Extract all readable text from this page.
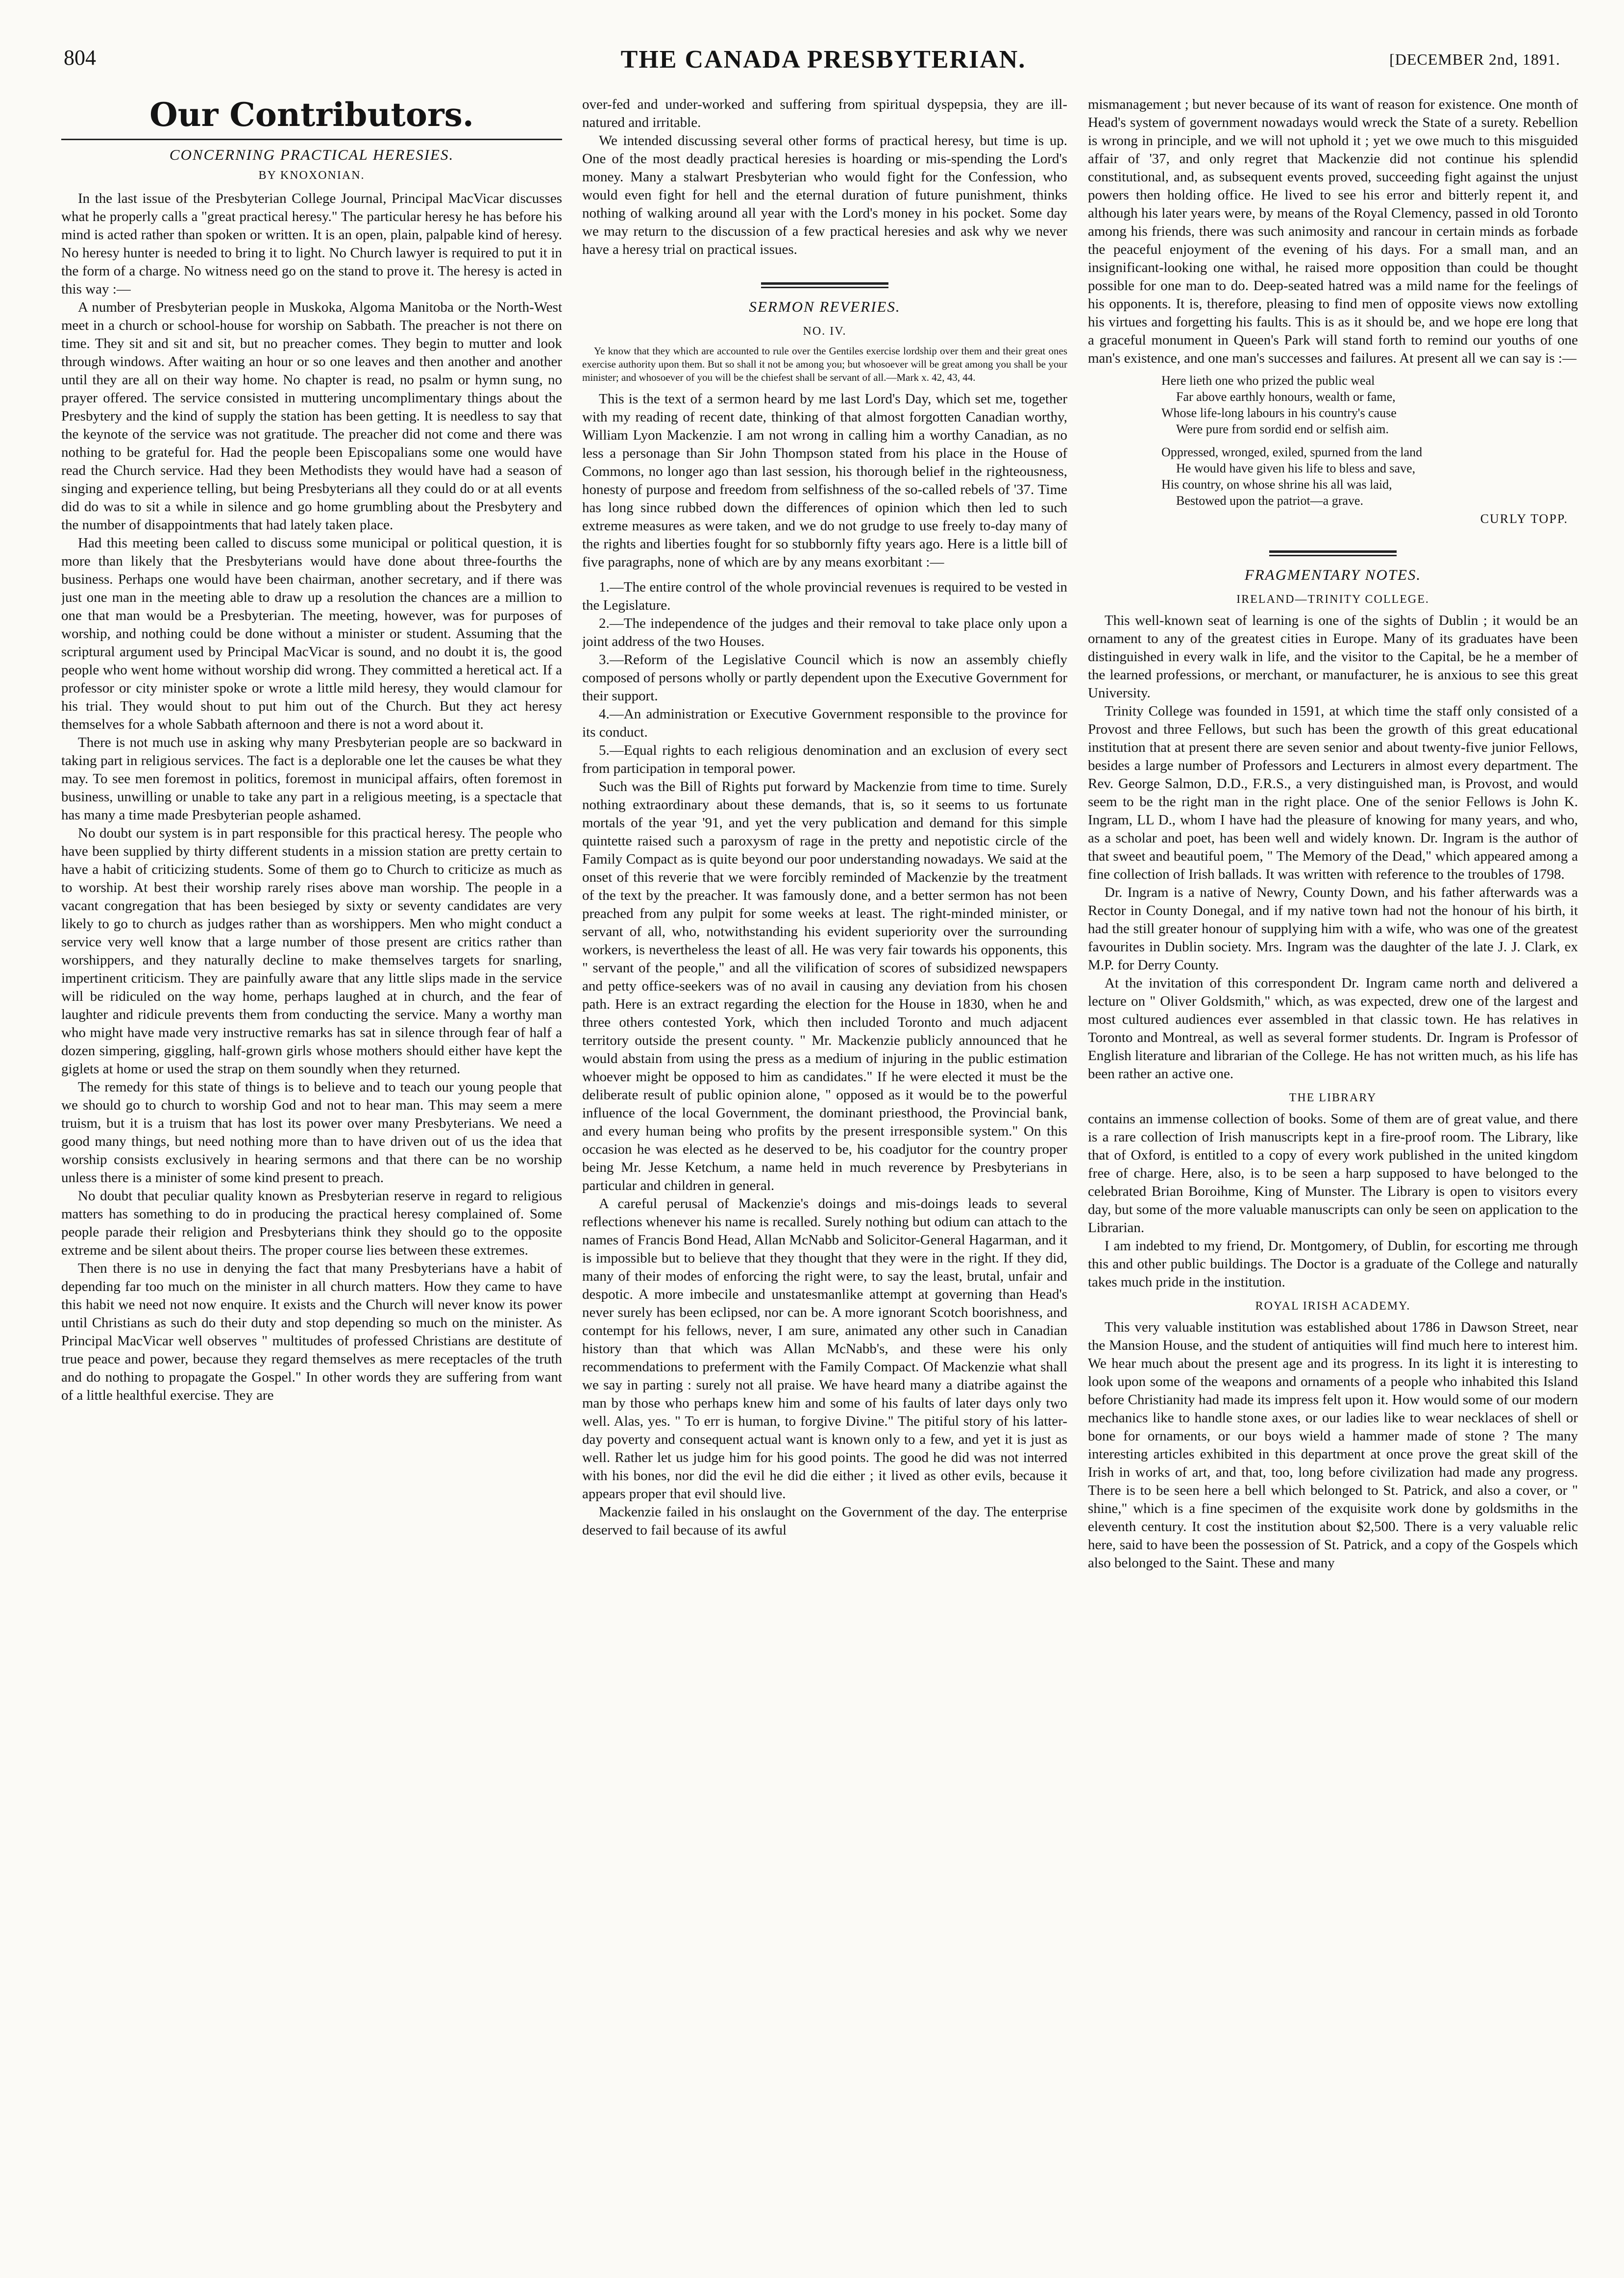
804	THE CANADA PRESBYTERIAN.	[DECEMBER 2nd, 1891.
Our Contributors.
CONCERNING PRACTICAL HERESIES.
BY KNOXONIAN.

In the last issue of the Presbyterian College Journal, Principal MacVicar discusses what he properly calls a "great practical heresy." The particular heresy he has before his mind is acted rather than spoken or written. It is an open, plain, palpable kind of heresy. No heresy hunter is needed to bring it to light. No Church lawyer is required to put it in the form of a charge. No witness need go on the stand to prove it. The heresy is acted in this way :—

A number of Presbyterian people in Muskoka, Algoma Manitoba or the North-West meet in a church or school-house for worship on Sabbath. The preacher is not there on time. They sit and sit and sit, but no preacher comes. They begin to mutter and look through windows. After waiting an hour or so one leaves and then another and another until they are all on their way home. No chapter is read, no psalm or hymn sung, no prayer offered. The service consisted in muttering uncomplimentary things about the Presbytery and the kind of supply the station has been getting. It is needless to say that the keynote of the service was not gratitude. The preacher did not come and there was nothing to be grateful for. Had the people been Episcopalians some one would have read the Church service. Had they been Methodists they would have had a season of singing and experience telling, but being Presbyterians all they could do or at all events did do was to sit a while in silence and go home grumbling about the Presbytery and the number of disappointments that had lately taken place.

Had this meeting been called to discuss some municipal or political question, it is more than likely that the Presbyterians would have done about three-fourths the business. Perhaps one would have been chairman, another secretary, and if there was just one man in the meeting able to draw up a resolution the chances are a million to one that man would be a Presbyterian. The meeting, however, was for purposes of worship, and nothing could be done without a minister or student. Assuming that the scriptural argument used by Principal MacVicar is sound, and no doubt it is, the good people who went home without worship did wrong. They committed a heretical act. If a professor or city minister spoke or wrote a little mild heresy, they would clamour for his trial. They would shout to put him out of the Church. But they act heresy themselves for a whole Sabbath afternoon and there is not a word about it.

There is not much use in asking why many Presbyterian people are so backward in taking part in religious services. The fact is a deplorable one let the causes be what they may. To see men foremost in politics, foremost in municipal affairs, often foremost in business, unwilling or unable to take any part in a religious meeting, is a spectacle that has many a time made Presbyterian people ashamed.

No doubt our system is in part responsible for this practical heresy. The people who have been supplied by thirty different students in a mission station are pretty certain to have a habit of criticizing students. Some of them go to Church to criticize as much as to worship. At best their worship rarely rises above man worship. The people in a vacant congregation that has been besieged by sixty or seventy candidates are very likely to go to church as judges rather than as worshippers. Men who might conduct a service very well know that a large number of those present are critics rather than worshippers, and they naturally decline to make themselves targets for snarling, impertinent criticism. They are painfully aware that any little slips made in the service will be ridiculed on the way home, perhaps laughed at in church, and the fear of laughter and ridicule prevents them from conducting the service. Many a worthy man who might have made very instructive remarks has sat in silence through fear of half a dozen simpering, giggling, half-grown girls whose mothers should either have kept the giglets at home or used the strap on them soundly when they returned.

The remedy for this state of things is to believe and to teach our young people that we should go to church to worship God and not to hear man. This may seem a mere truism, but it is a truism that has lost its power over many Presbyterians. We need a good many things, but need nothing more than to have driven out of us the idea that worship consists exclusively in hearing sermons and that there can be no worship unless there is a minister of some kind present to preach.

No doubt that peculiar quality known as Presbyterian reserve in regard to religious matters has something to do in producing the practical heresy complained of. Some people parade their religion and Presbyterians think they should go to the opposite extreme and be silent about theirs. The proper course lies between these extremes.

Then there is no use in denying the fact that many Presbyterians have a habit of depending far too much on the minister in all church matters. How they came to have this habit we need not now enquire. It exists and the Church will never know its power until Christians as such do their duty and stop depending so much on the minister. As Principal MacVicar well observes " multitudes of professed Christians are destitute of true peace and power, because they regard themselves as mere receptacles of the truth and do nothing to propagate the Gospel." In other words they are suffering from want of a little healthful exercise. They are

over-fed and under-worked and suffering from spiritual dyspepsia, they are ill-natured and irritable.

We intended discussing several other forms of practical heresy, but time is up. One of the most deadly practical heresies is hoarding or mis-spending the Lord's money. Many a stalwart Presbyterian who would fight for the Confession, who would even fight for hell and the eternal duration of future punishment, thinks nothing of walking around all year with the Lord's money in his pocket. Some day we may return to the discussion of a few practical heresies and ask why we never have a heresy trial on practical issues.

SERMON REVERIES.
NO. IV.
Ye know that they which are accounted to rule over the Gentiles exercise lordship over them and their great ones exercise authority upon them. But so shall it not be among you; but whosoever will be great among you shall be your minister; and whosoever of you will be the chiefest shall be servant of all.—Mark x. 42, 43, 44.

This is the text of a sermon heard by me last Lord's Day, which set me, together with my reading of recent date, thinking of that almost forgotten Canadian worthy, William Lyon Mackenzie. I am not wrong in calling him a worthy Canadian, as no less a personage than Sir John Thompson stated from his place in the House of Commons, no longer ago than last session, his thorough belief in the righteousness, honesty of purpose and freedom from selfishness of the so-called rebels of '37. Time has long since rubbed down the differences of opinion which then led to such extreme measures as were taken, and we do not grudge to use freely to-day many of the rights and liberties fought for so stubbornly fifty years ago. Here is a little bill of five paragraphs, none of which are by any means exorbitant :—

1.—The entire control of the whole provincial revenues is required to be vested in the Legislature.

2.—The independence of the judges and their removal to take place only upon a joint address of the two Houses.

3.—Reform of the Legislative Council which is now an assembly chiefly composed of persons wholly or partly dependent upon the Executive Government for their support.

4.—An administration or Executive Government responsible to the province for its conduct.

5.—Equal rights to each religious denomination and an exclusion of every sect from participation in temporal power.

Such was the Bill of Rights put forward by Mackenzie from time to time. Surely nothing extraordinary about these demands, that is, so it seems to us fortunate mortals of the year '91, and yet the very publication and demand for this simple quintette raised such a paroxysm of rage in the pretty and nepotistic circle of the Family Compact as is quite beyond our poor understanding nowadays. We said at the onset of this reverie that we were forcibly reminded of Mackenzie by the treatment of the text by the preacher. It was famously done, and a better sermon has not been preached from any pulpit for some weeks at least. The right-minded minister, or servant of all, who, notwithstanding his evident superiority over the surrounding workers, is nevertheless the least of all. He was very fair towards his opponents, this " servant of the people," and all the vilification of scores of subsidized newspapers and petty office-seekers was of no avail in causing any deviation from his chosen path. Here is an extract regarding the election for the House in 1830, when he and three others contested York, which then included Toronto and much adjacent territory outside the present county. " Mr. Mackenzie publicly announced that he would abstain from using the press as a medium of injuring in the public estimation whoever might be opposed to him as candidates." If he were elected it must be the deliberate result of public opinion alone, " opposed as it would be to the powerful influence of the local Government, the dominant priesthood, the Provincial bank, and every human being who profits by the present irresponsible system." On this occasion he was elected as he deserved to be, his coadjutor for the country proper being Mr. Jesse Ketchum, a name held in much reverence by Presbyterians in particular and children in general.

A careful perusal of Mackenzie's doings and mis-doings leads to several reflections whenever his name is recalled. Surely nothing but odium can attach to the names of Francis Bond Head, Allan McNabb and Solicitor-General Hagarman, and it is impossible but to believe that they thought that they were in the right. If they did, many of their modes of enforcing the right were, to say the least, brutal, unfair and despotic. A more imbecile and unstatesmanlike attempt at governing than Head's never surely has been eclipsed, nor can be. A more ignorant Scotch boorishness, and contempt for his fellows, never, I am sure, animated any other such in Canadian history than that which was Allan McNabb's, and these were his only recommendations to preferment with the Family Compact. Of Mackenzie what shall we say in parting : surely not all praise. We have heard many a diatribe against the man by those who perhaps knew him and some of his faults of later days only two well. Alas, yes. " To err is human, to forgive Divine." The pitiful story of his latter-day poverty and consequent actual want is known only to a few, and yet it is just as well. Rather let us judge him for his good points. The good he did was not interred with his bones, nor did the evil he did die either ; it lived as other evils, because it appears proper that evil should live.

Mackenzie failed in his onslaught on the Government of the day. The enterprise deserved to fail because of its awful

mismanagement ; but never because of its want of reason for existence. One month of Head's system of government nowadays would wreck the State of a surety. Rebellion is wrong in principle, and we will not uphold it ; yet we owe much to this misguided affair of '37, and only regret that Mackenzie did not continue his splendid constitutional, and, as subsequent events proved, succeeding fight against the unjust powers then holding office. He lived to see his error and bitterly repent it, and although his later years were, by means of the Royal Clemency, passed in old Toronto among his friends, there was such animosity and rancour in certain minds as forbade the peaceful enjoyment of the evening of his days. For a small man, and an insignificant-looking one withal, he raised more opposition than could be thought possible for one man to do. Deep-seated hatred was a mild name for the feelings of his opponents. It is, therefore, pleasing to find men of opposite views now extolling his virtues and forgetting his faults. This is as it should be, and we hope ere long that a graceful monument in Queen's Park will stand forth to remind our youths of one man's existence, and one man's successes and failures. At present all we can say is :—

Here lieth one who prized the public weal
Far above earthly honours, wealth or fame,
Whose life-long labours in his country's cause
Were pure from sordid end or selfish aim.
Oppressed, wronged, exiled, spurned from the land
He would have given his life to bless and save,
His country, on whose shrine his all was laid,
Bestowed upon the patriot—a grave.
CURLY TOPP.
FRAGMENTARY NOTES.
IRELAND—TRINITY COLLEGE.

This well-known seat of learning is one of the sights of Dublin ; it would be an ornament to any of the greatest cities in Europe. Many of its graduates have been distinguished in every walk in life, and the visitor to the Capital, be he a member of the learned professions, or merchant, or manufacturer, he is anxious to see this great University.

Trinity College was founded in 1591, at which time the staff only consisted of a Provost and three Fellows, but such has been the growth of this great educational institution that at present there are seven senior and about twenty-five junior Fellows, besides a large number of Professors and Lecturers in almost every department. The Rev. George Salmon, D.D., F.R.S., a very distinguished man, is Provost, and would seem to be the right man in the right place. One of the senior Fellows is John K. Ingram, LL D., whom I have had the pleasure of knowing for many years, and who, as a scholar and poet, has been well and widely known. Dr. Ingram is the author of that sweet and beautiful poem, " The Memory of the Dead," which appeared among a fine collection of Irish ballads. It was written with reference to the troubles of 1798.

Dr. Ingram is a native of Newry, County Down, and his father afterwards was a Rector in County Donegal, and if my native town had not the honour of his birth, it had the still greater honour of supplying him with a wife, who was one of the greatest favourites in Dublin society. Mrs. Ingram was the daughter of the late J. J. Clark, ex M.P. for Derry County.

At the invitation of this correspondent Dr. Ingram came north and delivered a lecture on " Oliver Goldsmith," which, as was expected, drew one of the largest and most cultured audiences ever assembled in that classic town. He has relatives in Toronto and Montreal, as well as several former students. Dr. Ingram is Professor of English literature and librarian of the College. He has not written much, as his life has been rather an active one.

THE LIBRARY

contains an immense collection of books. Some of them are of great value, and there is a rare collection of Irish manuscripts kept in a fire-proof room. The Library, like that of Oxford, is entitled to a copy of every work published in the united kingdom free of charge. Here, also, is to be seen a harp supposed to have belonged to the celebrated Brian Boroihme, King of Munster. The Library is open to visitors every day, but some of the more valuable manuscripts can only be seen on application to the Librarian.

I am indebted to my friend, Dr. Montgomery, of Dublin, for escorting me through this and other public buildings. The Doctor is a graduate of the College and naturally takes much pride in the institution.

ROYAL IRISH ACADEMY.

This very valuable institution was established about 1786 in Dawson Street, near the Mansion House, and the student of antiquities will find much here to interest him. We hear much about the present age and its progress. In its light it is interesting to look upon some of the weapons and ornaments of a people who inhabited this Island before Christianity had made its impress felt upon it. How would some of our modern mechanics like to handle stone axes, or our ladies like to wear necklaces of shell or bone for ornaments, or our boys wield a hammer made of stone ? The many interesting articles exhibited in this department at once prove the great skill of the Irish in works of art, and that, too, long before civilization had made any progress. There is to be seen here a bell which belonged to St. Patrick, and also a cover, or " shine," which is a fine specimen of the exquisite work done by goldsmiths in the eleventh century. It cost the institution about $2,500. There is a very valuable relic here, said to have been the possession of St. Patrick, and a copy of the Gospels which also belonged to the Saint. These and many
